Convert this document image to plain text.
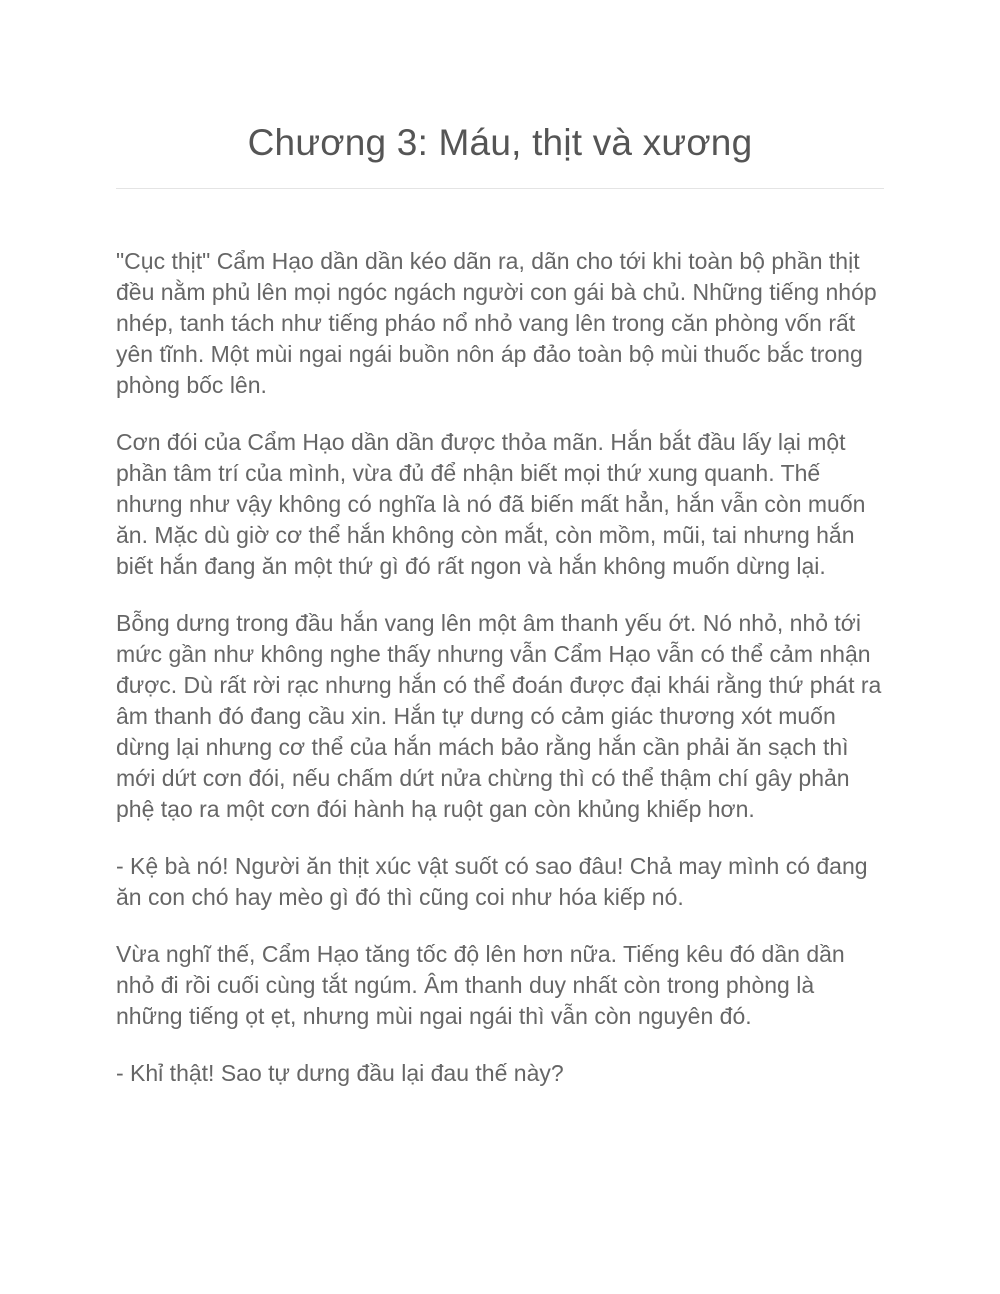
Chương 3: Máu, thịt và xương

"Cục thịt" Cẩm Hạo dần dần kéo dãn ra, dãn cho tới khi toàn bộ phần thịt đều nằm phủ lên mọi ngóc ngách người con gái bà chủ. Những tiếng nhóp nhép, tanh tách như tiếng pháo nổ nhỏ vang lên trong căn phòng vốn rất yên tĩnh. Một mùi ngai ngái buồn nôn áp đảo toàn bộ mùi thuốc bắc trong phòng bốc lên.

Cơn đói của Cẩm Hạo dần dần được thỏa mãn. Hắn bắt đầu lấy lại một phần tâm trí của mình, vừa đủ để nhận biết mọi thứ xung quanh. Thế nhưng như vậy không có nghĩa là nó đã biến mất hẳn, hắn vẫn còn muốn ăn. Mặc dù giờ cơ thể hắn không còn mắt, còn mồm, mũi, tai nhưng hắn biết hắn đang ăn một thứ gì đó rất ngon và hắn không muốn dừng lại.

Bỗng dưng trong đầu hắn vang lên một âm thanh yếu ớt. Nó nhỏ, nhỏ tới mức gần như không nghe thấy nhưng vẫn Cẩm Hạo vẫn có thể cảm nhận được. Dù rất rời rạc nhưng hắn có thể đoán được đại khái rằng thứ phát ra âm thanh đó đang cầu xin. Hắn tự dưng có cảm giác thương xót muốn dừng lại nhưng cơ thể của hắn mách bảo rằng hắn cần phải ăn sạch thì mới dứt cơn đói, nếu chấm dứt nửa chừng thì có thể thậm chí gây phản phệ tạo ra một cơn đói hành hạ ruột gan còn khủng khiếp hơn.

- Kệ bà nó! Người ăn thịt xúc vật suốt có sao đâu! Chả may mình có đang ăn con chó hay mèo gì đó thì cũng coi như hóa kiếp nó.

Vừa nghĩ thế, Cẩm Hạo tăng tốc độ lên hơn nữa. Tiếng kêu đó dần dần nhỏ đi rồi cuối cùng tắt ngúm. Âm thanh duy nhất còn trong phòng là những tiếng ọt ẹt, nhưng mùi ngai ngái thì vẫn còn nguyên đó.

- Khỉ thật! Sao tự dưng đầu lại đau thế này?
